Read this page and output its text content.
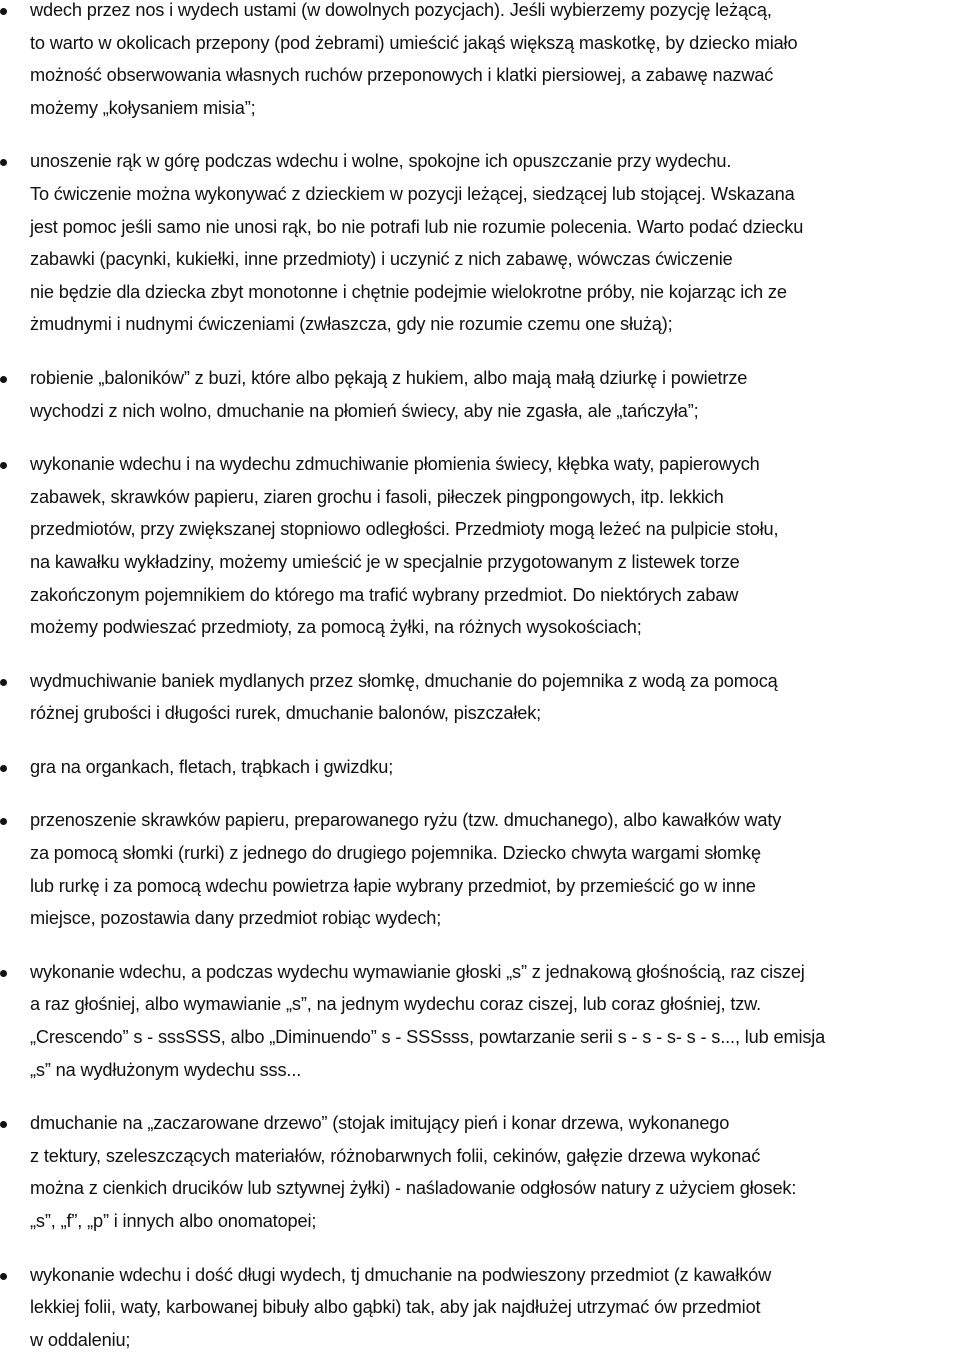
wdech przez nos i wydech ustami (w dowolnych pozycjach). Jeśli wybierzemy pozycję leżącą,
to warto w okolicach przepony (pod żebrami) umieścić jakąś większą maskotkę, by dziecko miało
możność obserwowania własnych ruchów przeponowych i klatki piersiowej, a zabawę nazwać
możemy „kołysaniem misia”;
unoszenie rąk w górę podczas wdechu i wolne, spokojne ich opuszczanie przy wydechu.
To ćwiczenie można wykonywać z dzieckiem w pozycji leżącej, siedzącej lub stojącej. Wskazana
jest pomoc jeśli samo nie unosi rąk, bo nie potrafi lub nie rozumie polecenia. Warto podać dziecku
zabawki (pacynki, kukiełki, inne przedmioty) i uczynić z nich zabawę, wówczas ćwiczenie
nie będzie dla dziecka zbyt monotonne i chętnie podejmie wielokrotne próby, nie kojarząc ich ze
żmudnymi i nudnymi ćwiczeniami (zwłaszcza, gdy nie rozumie czemu one służą);
robienie „baloników” z buzi, które albo pękają z hukiem, albo mają małą dziurkę i powietrze
wychodzi z nich wolno, dmuchanie na płomień świecy, aby nie zgasła, ale „tańczyła”;
wykonanie wdechu i na wydechu zdmuchiwanie płomienia świecy, kłębka waty, papierowych
zabawek, skrawków papieru, ziaren grochu i fasoli, piłeczek pingpongowych, itp. lekkich
przedmiotów, przy zwiększanej stopniowo odległości. Przedmioty mogą leżeć na pulpicie stołu,
na kawałku wykładziny, możemy umieścić je w specjalnie przygotowanym z listewek torze
zakończonym pojemnikiem do którego ma trafić wybrany przedmiot. Do niektórych zabaw
możemy podwieszać przedmioty, za pomocą żyłki, na różnych wysokościach;
wydmuchiwanie baniek mydlanych przez słomkę, dmuchanie do pojemnika z wodą za pomocą
różnej grubości i długości rurek, dmuchanie balonów, piszczałek;
gra na organkach, fletach, trąbkach i gwizdku;
przenoszenie skrawków papieru, preparowanego ryżu (tzw. dmuchanego), albo kawałków waty
za pomocą słomki (rurki) z jednego do drugiego pojemnika. Dziecko chwyta wargami słomkę
lub rurkę i za pomocą wdechu powietrza łapie wybrany przedmiot, by przemieścić go w inne
miejsce, pozostawia dany przedmiot robiąc wydech;
wykonanie wdechu, a podczas wydechu wymawianie głoski „s” z jednakową głośnością, raz ciszej
a raz głośniej, albo wymawianie „s”, na jednym wydechu coraz ciszej, lub coraz głośniej, tzw.
„Crescendo” s - sssSSS, albo „Diminuendo” s - SSSsss, powtarzanie serii s - s - s- s - s..., lub emisja
„s” na wydłużonym wydechu sss...
dmuchanie na „zaczarowane drzewo” (stojak imitujący pień i konar drzewa, wykonanego
z tektury, szeleszczących materiałów, różnobarwnych folii, cekinów, gałęzie drzewa wykonać
można z cienkich drucików lub sztywnej żyłki) - naśladowanie odgłosów natury z użyciem głosek:
„s”, „f”, „p” i innych albo onomatopei;
wykonanie wdechu i dość długi wydech, tj dmuchanie na podwieszony przedmiot (z kawałków
lekkiej folii, waty, karbowanej bibuły albo gąbki) tak, aby jak najdłużej utrzymać ów przedmiot
w oddaleniu;
